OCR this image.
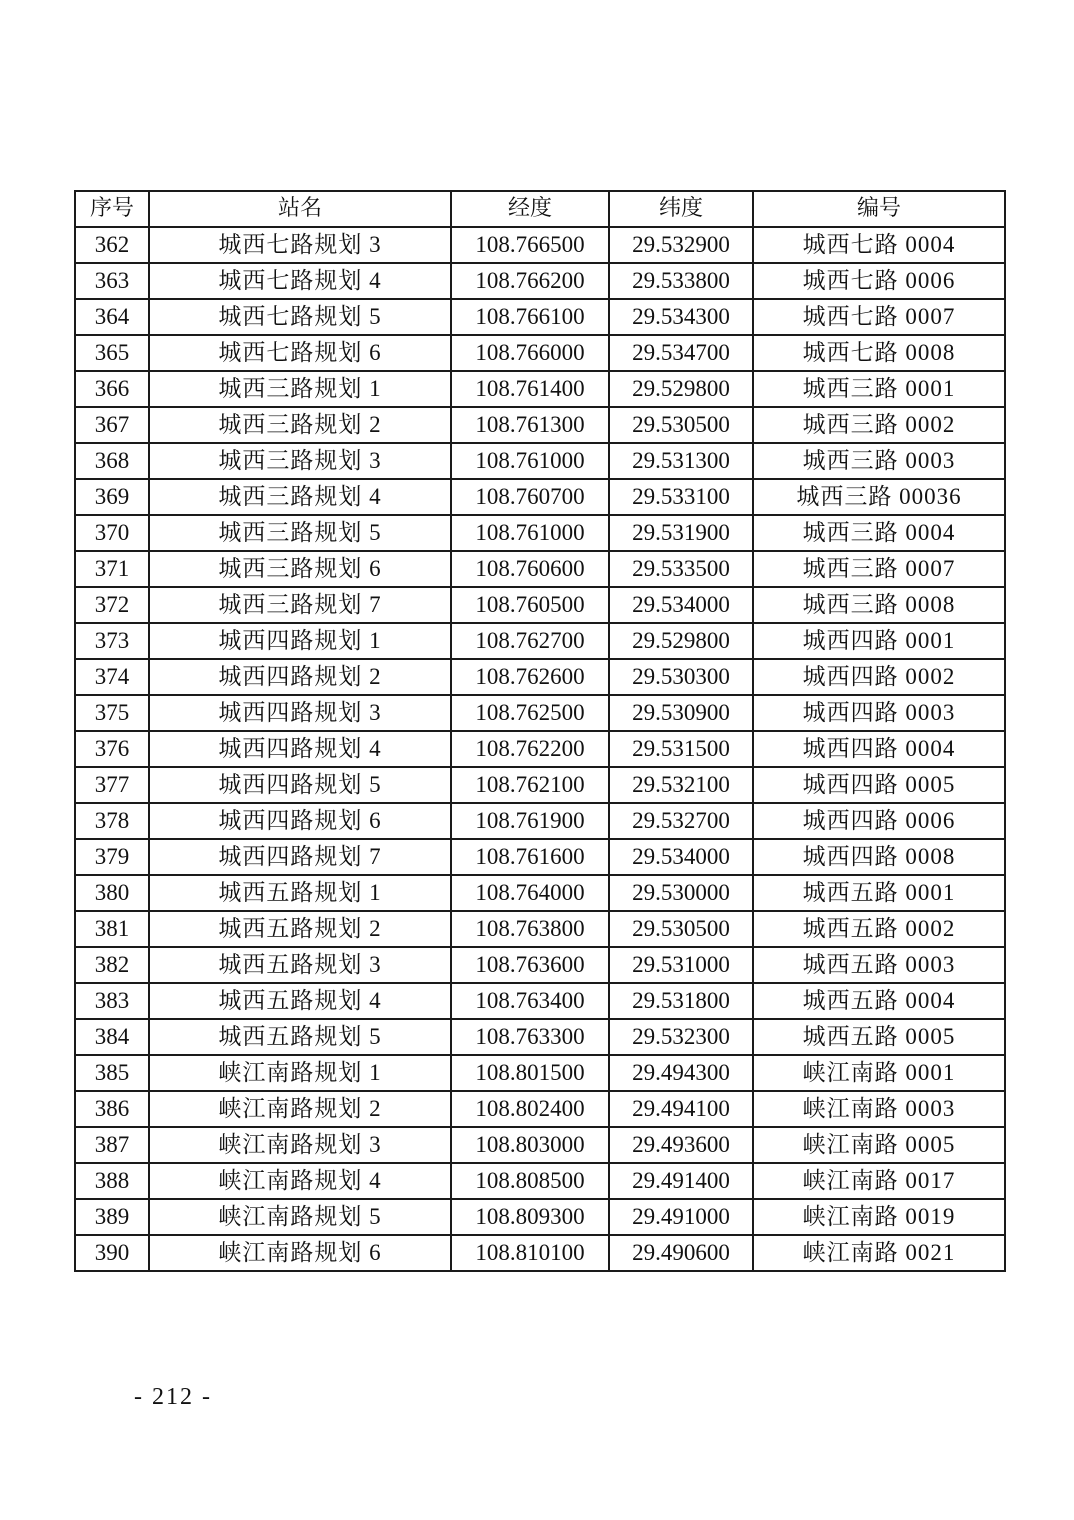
序号	站名	经度	纬度	编号
362	城西七路规划 3	108.766500	29.532900	城西七路 0004
363	城西七路规划 4	108.766200	29.533800	城西七路 0006
364	城西七路规划 5	108.766100	29.534300	城西七路 0007
365	城西七路规划 6	108.766000	29.534700	城西七路 0008
366	城西三路规划 1	108.761400	29.529800	城西三路 0001
367	城西三路规划 2	108.761300	29.530500	城西三路 0002
368	城西三路规划 3	108.761000	29.531300	城西三路 0003
369	城西三路规划 4	108.760700	29.533100	城西三路 00036
370	城西三路规划 5	108.761000	29.531900	城西三路 0004
371	城西三路规划 6	108.760600	29.533500	城西三路 0007
372	城西三路规划 7	108.760500	29.534000	城西三路 0008
373	城西四路规划 1	108.762700	29.529800	城西四路 0001
374	城西四路规划 2	108.762600	29.530300	城西四路 0002
375	城西四路规划 3	108.762500	29.530900	城西四路 0003
376	城西四路规划 4	108.762200	29.531500	城西四路 0004
377	城西四路规划 5	108.762100	29.532100	城西四路 0005
378	城西四路规划 6	108.761900	29.532700	城西四路 0006
379	城西四路规划 7	108.761600	29.534000	城西四路 0008
380	城西五路规划 1	108.764000	29.530000	城西五路 0001
381	城西五路规划 2	108.763800	29.530500	城西五路 0002
382	城西五路规划 3	108.763600	29.531000	城西五路 0003
383	城西五路规划 4	108.763400	29.531800	城西五路 0004
384	城西五路规划 5	108.763300	29.532300	城西五路 0005
385	峡江南路规划 1	108.801500	29.494300	峡江南路 0001
386	峡江南路规划 2	108.802400	29.494100	峡江南路 0003
387	峡江南路规划 3	108.803000	29.493600	峡江南路 0005
388	峡江南路规划 4	108.808500	29.491400	峡江南路 0017
389	峡江南路规划 5	108.809300	29.491000	峡江南路 0019
390	峡江南路规划 6	108.810100	29.490600	峡江南路 0021
- 212 -
